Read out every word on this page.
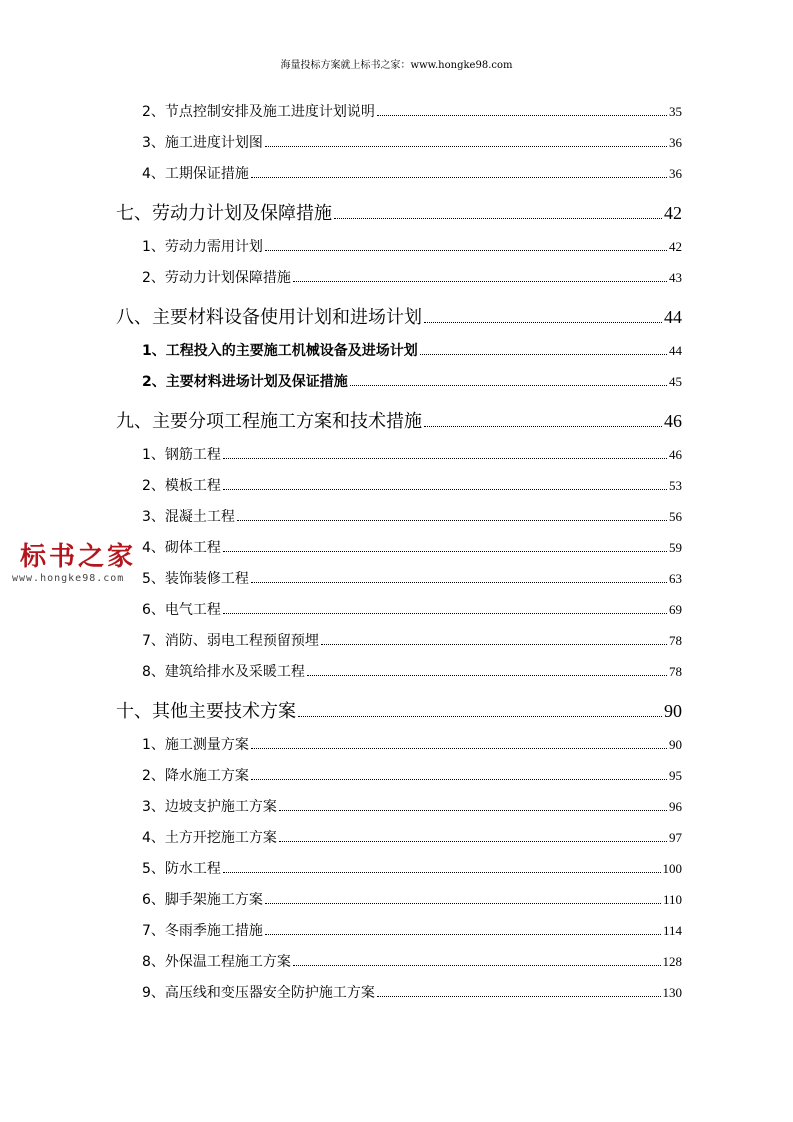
海量投标方案就上标书之家：www.hongke98.com
2、节点控制安排及施工进度计划说明	35
3、施工进度计划图	36
4、工期保证措施	36
七、劳动力计划及保障措施	42
1、劳动力需用计划	42
2、劳动力计划保障措施	43
八、主要材料设备使用计划和进场计划	44
1、工程投入的主要施工机械设备及进场计划	44
2、主要材料进场计划及保证措施	45
九、主要分项工程施工方案和技术措施	46
1、钢筋工程	46
2、模板工程	53
3、混凝土工程	56
4、砌体工程	59
5、装饰装修工程	63
6、电气工程	69
7、消防、弱电工程预留预埋	78
8、建筑给排水及采暖工程	78
十、其他主要技术方案	90
1、施工测量方案	90
2、降水施工方案	95
3、边坡支护施工方案	96
4、土方开挖施工方案	97
5、防水工程	100
6、脚手架施工方案	110
7、冬雨季施工措施	114
8、外保温工程施工方案	128
9、高压线和变压器安全防护施工方案	130
标书之家
www.hongke98.com
